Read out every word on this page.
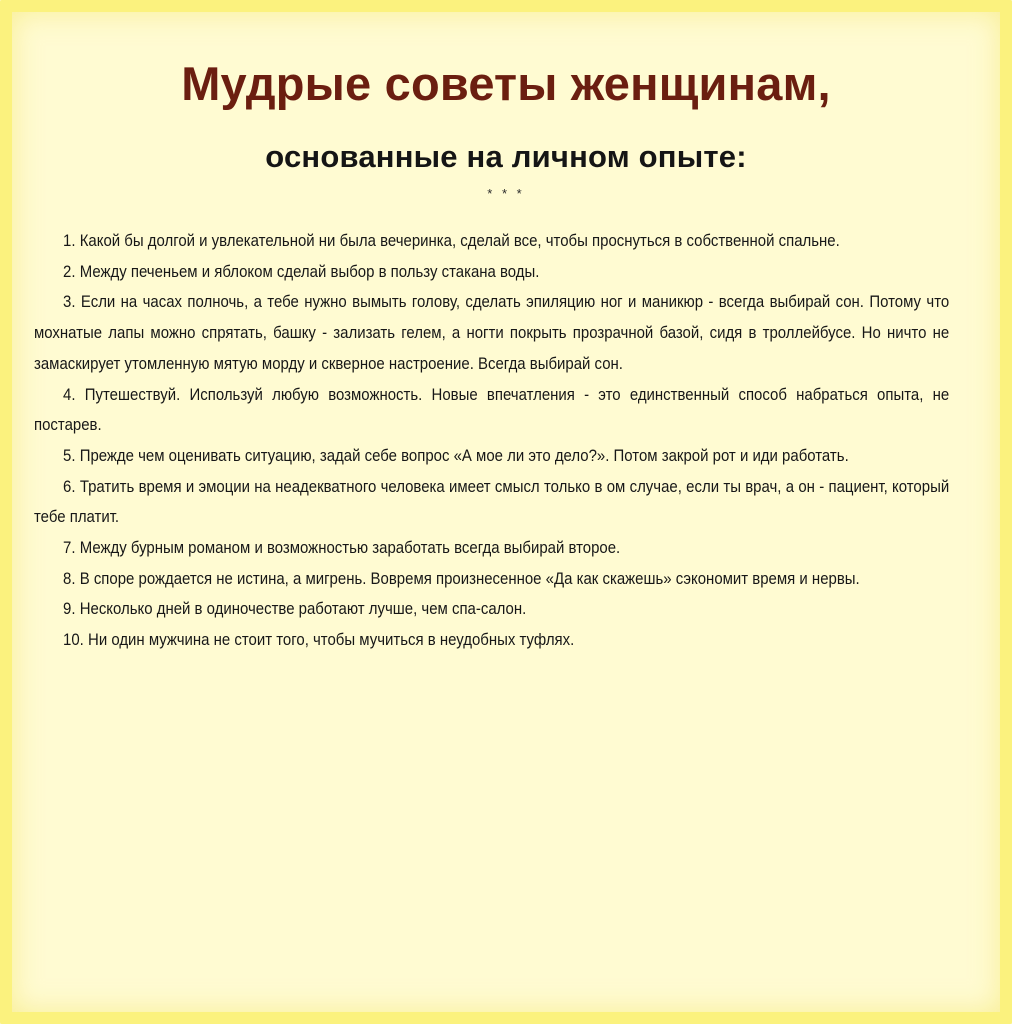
Мудрые советы женщинам,
основанные на личном опыте:
* * *
1. Какой бы долгой и увлекательной ни была вечеринка, сделай все, чтобы проснуться в собственной спальне.
2. Между печеньем и яблоком сделай выбор в пользу стакана воды.
3. Если на часах полночь, а тебе нужно вымыть голову, сделать эпиляцию ног и маникюр - всегда выбирай сон. Потому что мохнатые лапы можно спрятать, башку - зализать гелем, а ногти покрыть прозрачной базой, сидя в троллейбусе. Но ничто не замаскирует утомленную мятую морду и скверное настроение. Всегда выбирай сон.
4. Путешествуй. Используй любую возможность. Новые впечатления - это единственный способ набраться опыта, не постарев.
5. Прежде чем оценивать ситуацию, задай себе вопрос «А мое ли это дело?». Потом закрой рот и иди работать.
6. Тратить время и эмоции на неадекватного человека имеет смысл только в ом случае, если ты врач, а он - пациент, который тебе платит.
7. Между бурным романом и возможностью заработать всегда выбирай второе.
8. В споре рождается не истина, а мигрень. Вовремя произнесенное «Да как скажешь» сэкономит время и нервы.
9. Несколько дней в одиночестве работают лучше, чем спа-салон.
10. Ни один мужчина не стоит того, чтобы мучиться в неудобных туфлях.
